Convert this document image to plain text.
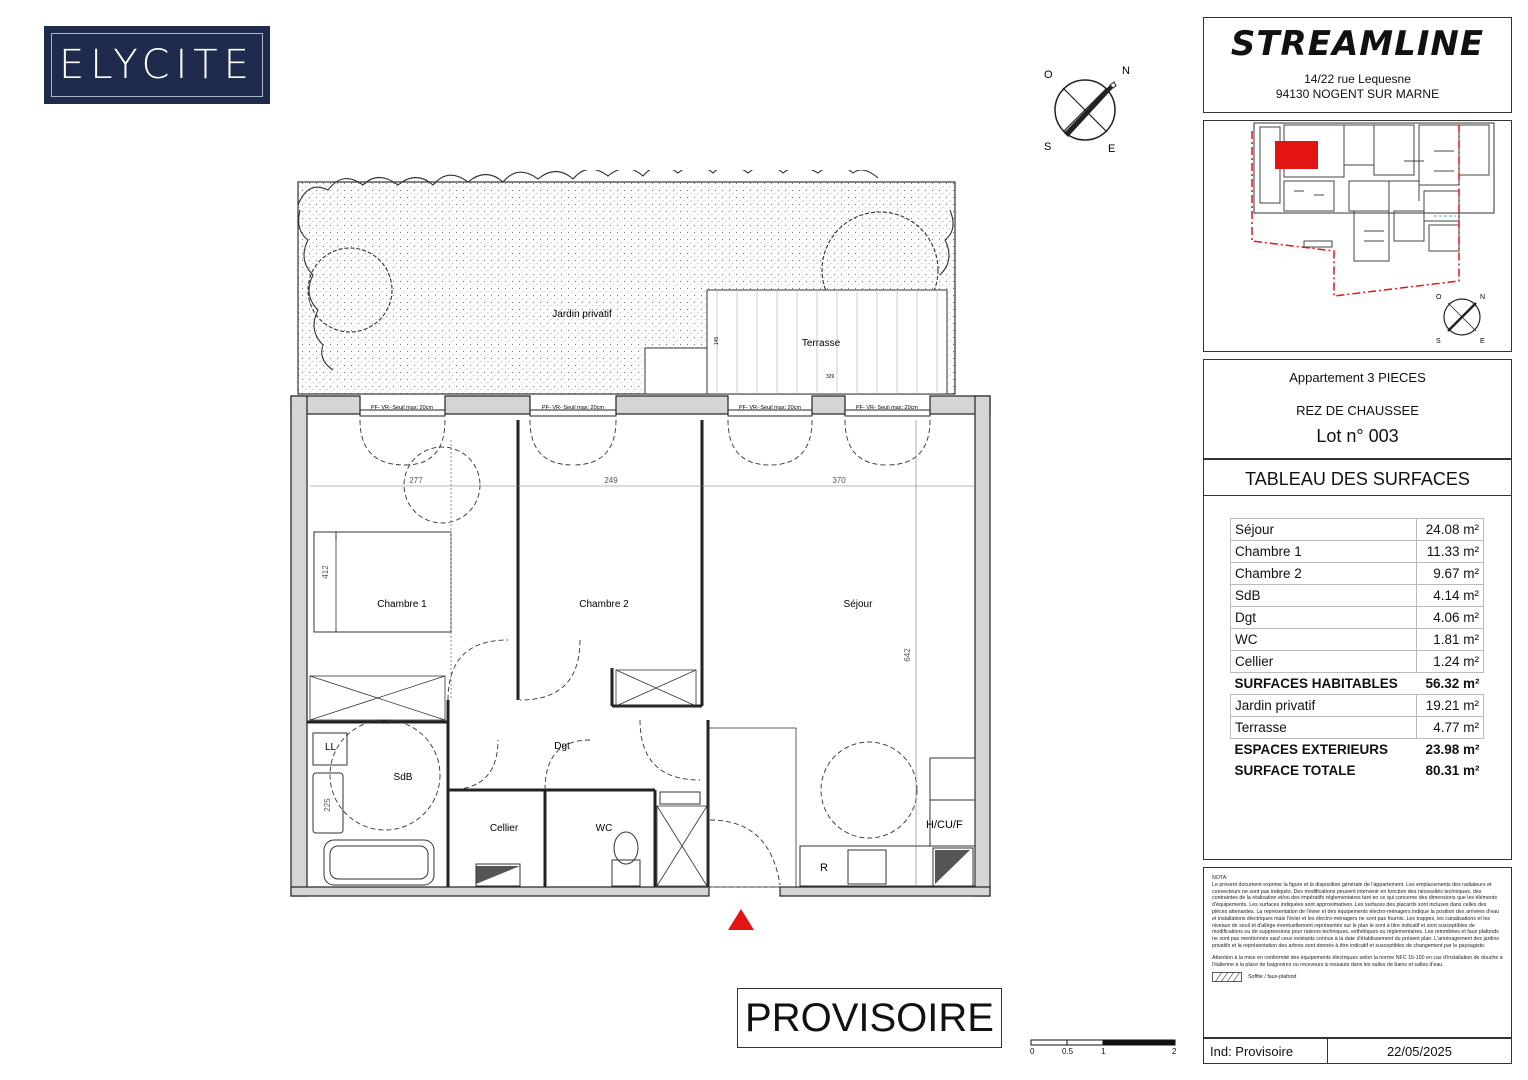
ELYCITE	N
O
S	E
STREAMLINE
14/22 rue Lequesne
94130 NOGENT SUR MARNE
O	N
S	E
Appartement 3 PIECES
REZ DE CHAUSSEE
Lot n° 003
TABLEAU DES SURFACES
Séjour	24.08 m²
Chambre 1	11.33 m²
Chambre 2	9.67 m²
SdB	4.14 m²
Dgt	4.06 m²
WC	1.81 m²
Cellier	1.24 m²
SURFACES HABITABLES	56.32 m²
Jardin privatif	19.21 m²
Terrasse	4.77 m²
ESPACES EXTERIEURS	23.98 m²
SURFACE TOTALE	80.31 m²
NOTA:
Le présent document exprime la figure et la disposition générale de l'appartement. Les emplacements des radiateurs et convecteurs ne sont pas indiqués. Des modifications peuvent intervenir en fonction des nécessités techniques, des contraintes de la réalisation et/ou des impératifs réglementaires tant en ce qui concerne des dimensions que les éléments d'équipements. Les surfaces indiquées sont approximatives. Les surfaces des placards sont incluses dans celles des pièces attenantes. La représentation de l'évier et des équipements électro-ménagers indique la position des arrivées d'eau et installations électriques mais l'évier et les électro-ménagers ne sont pas fournis. Les trappes, les canalisations et les niveaux de seuil et d'allège éventuellement représentés sur le plan le sont à titre indicatif et sont susceptibles de modifications ou de suppressions pour raisons techniques, esthétiques ou réglementaires. Les retombées et faux plafonds ne sont pas mentionnés sauf ceux existants connus à la date d'établissement du présent plan. L'aménagement des jardins privatifs et la représentation des arbres sont donnés à titre indicatif et susceptibles de changement par le paysagiste.
Attention à la mise en conformité des équipements électriques selon la norme NFC 15-100 en cas d'installation de douche à l'italienne à la place de baignoires ou receveurs à ressauts dans les salles de bains et salles d'eau.
Soffite / faux-plafond
Ind: Provisoire	22/05/2025
PROVISOIRE
0	0.5	1	2
Jardin privatif
Terrasse
145
329
PF- VR- Seuil max: 20cm	PF- VR- Seuil max: 20cm	PF- VR- Seuil max: 20cm	PF- VR- Seuil max: 20cm
Chambre 1	Chambre 2	Séjour
SdB
Dgt
Cellier	WC
LL
H/CU/F
R
277	249	370
412
642
225
